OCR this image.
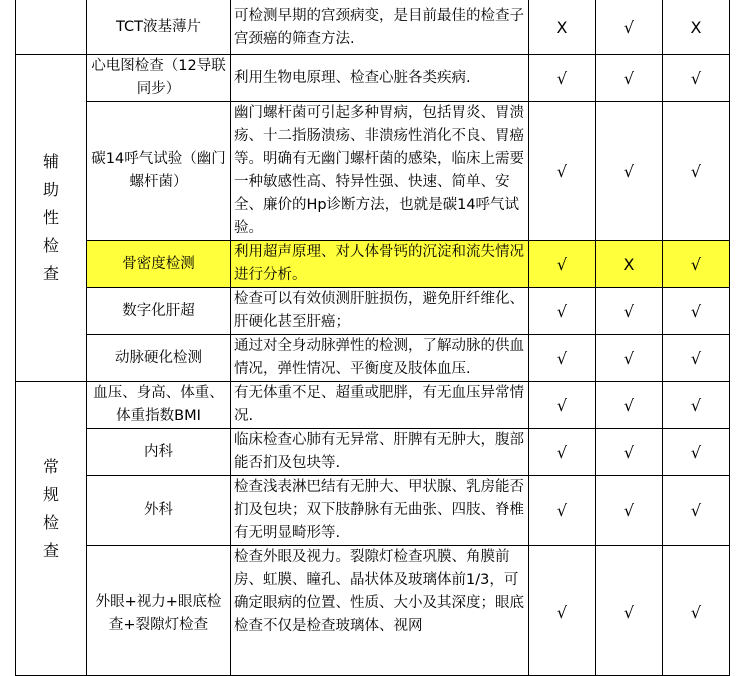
	TCT液基薄片	可检测早期的宫颈病变，是目前最佳的检查子宫颈癌的筛查方法.	X	√	X

辅助性检查	心电图检查（12导联同步）	利用生物电原理、检查心脏各类疾病.	√	√	√
	碳14呼气试验（幽门螺杆菌）	幽门螺杆菌可引起多种胃病，包括胃炎、胃溃疡、十二指肠溃疡、非溃疡性消化不良、胃癌等。明确有无幽门螺杆菌的感染，临床上需要一种敏感性高、特异性强、快速、简单、安全、廉价的Hp诊断方法，也就是碳14呼气试验。	√	√	√
	骨密度检测	利用超声原理、对人体骨钙的沉淀和流失情况进行分析。	√	X	√
	数字化肝超	检查可以有效侦测肝脏损伤，避免肝纤维化、肝硬化甚至肝癌；	√	√	√
	动脉硬化检测	通过对全身动脉弹性的检测，了解动脉的供血情况，弹性情况、平衡度及肢体血压.	√	√	√

常规检查	血压、身高、体重、体重指数BMI	有无体重不足、超重或肥胖，有无血压异常情况.	√	√	√
	内科	临床检查心肺有无异常、肝脾有无肿大，腹部能否扪及包块等.	√	√	√
	外科	检查浅表淋巴结有无肿大、甲状腺、乳房能否扪及包块；双下肢静脉有无曲张、四肢、脊椎有无明显畸形等.	√	√	√
	外眼+视力+眼底检查+裂隙灯检查	检查外眼及视力。裂隙灯检查巩膜、角膜前房、虹膜、瞳孔、晶状体及玻璃体前1/3，可确定眼病的位置、性质、大小及其深度；眼底检查不仅是检查玻璃体、视网	√	√	√
